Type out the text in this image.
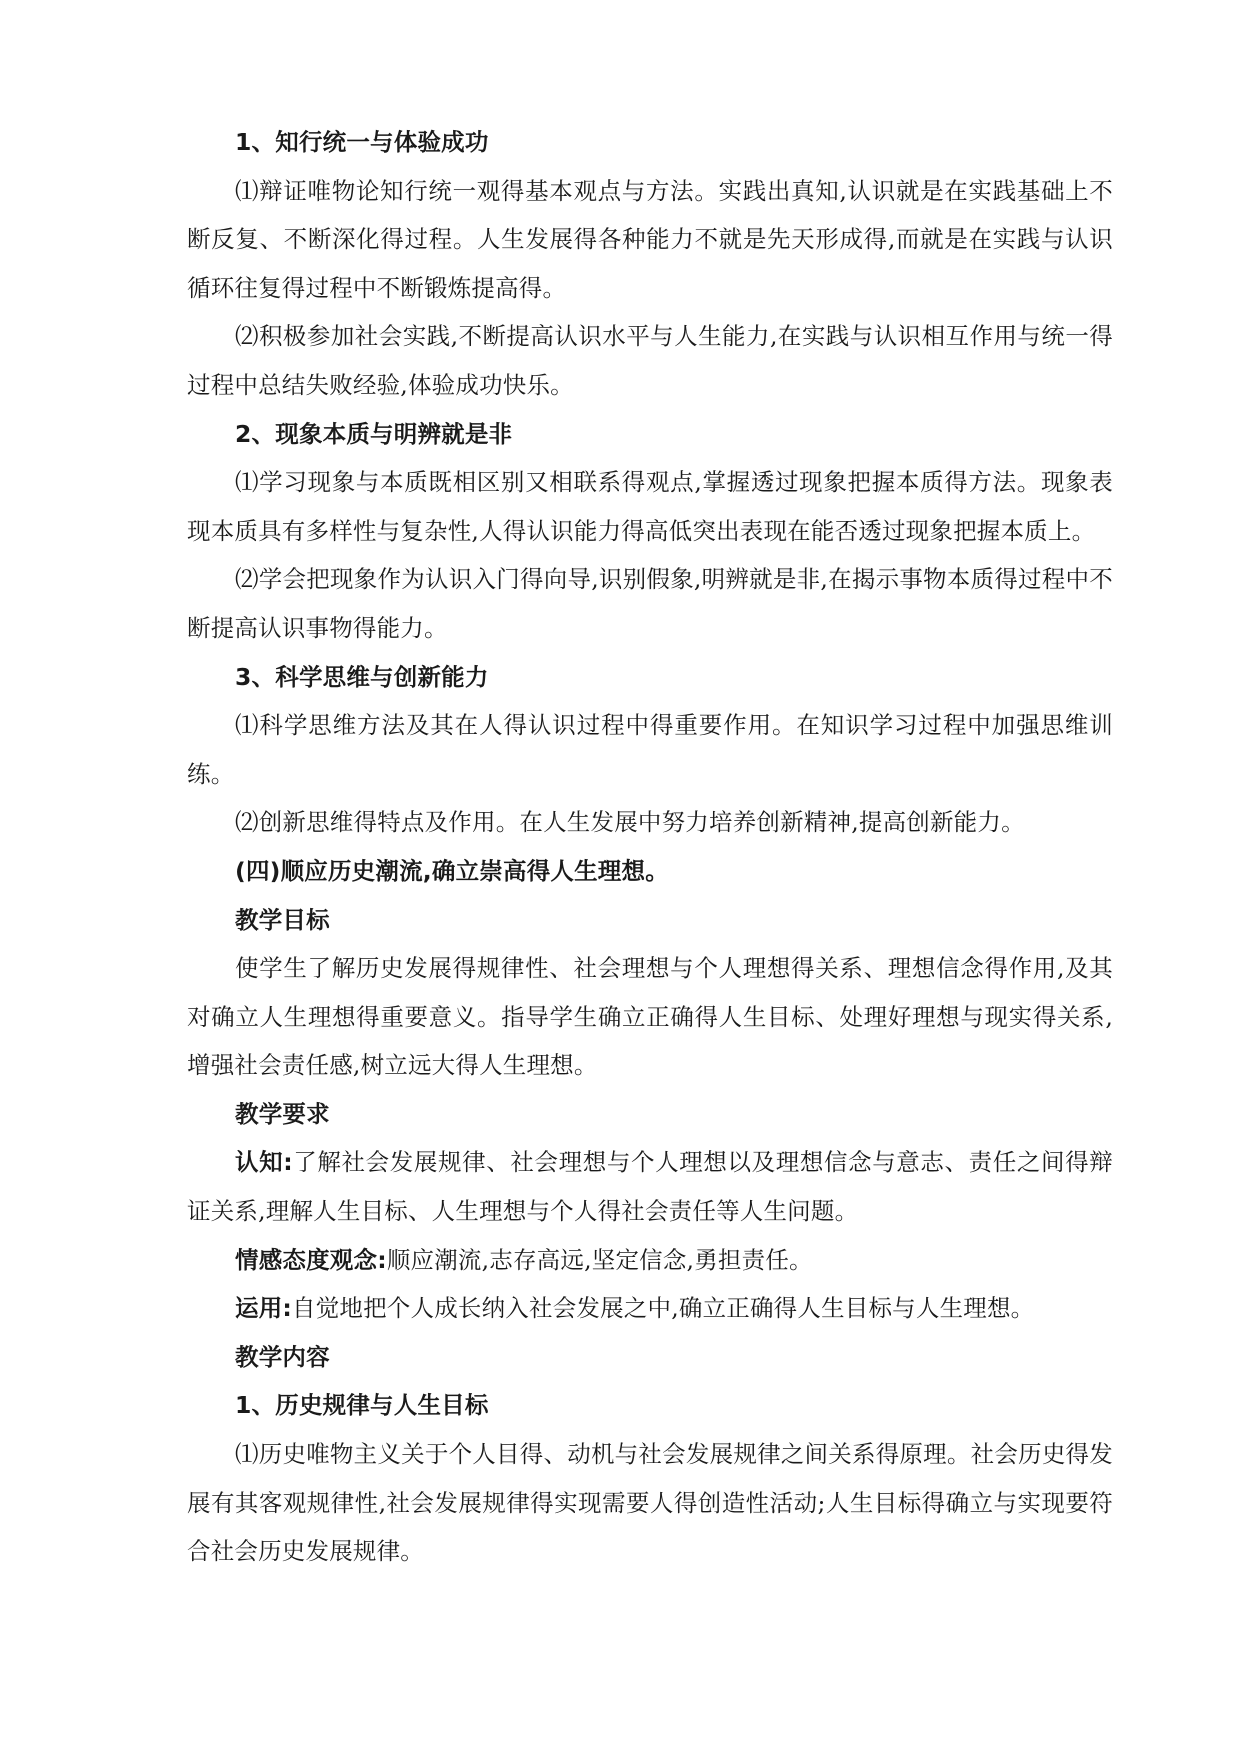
1、知行统一与体验成功

⑴辩证唯物论知行统一观得基本观点与方法。实践出真知,认识就是在实践基础上不断反复、不断深化得过程。人生发展得各种能力不就是先天形成得,而就是在实践与认识循环往复得过程中不断锻炼提高得。

⑵积极参加社会实践,不断提高认识水平与人生能力,在实践与认识相互作用与统一得过程中总结失败经验,体验成功快乐。

2、现象本质与明辨就是非

⑴学习现象与本质既相区别又相联系得观点,掌握透过现象把握本质得方法。现象表现本质具有多样性与复杂性,人得认识能力得高低突出表现在能否透过现象把握本质上。

⑵学会把现象作为认识入门得向导,识别假象,明辨就是非,在揭示事物本质得过程中不断提高认识事物得能力。

3、科学思维与创新能力

⑴科学思维方法及其在人得认识过程中得重要作用。在知识学习过程中加强思维训练。

⑵创新思维得特点及作用。在人生发展中努力培养创新精神,提高创新能力。

(四)顺应历史潮流,确立崇高得人生理想。

教学目标

使学生了解历史发展得规律性、社会理想与个人理想得关系、理想信念得作用,及其对确立人生理想得重要意义。指导学生确立正确得人生目标、处理好理想与现实得关系,增强社会责任感,树立远大得人生理想。

教学要求

认知:了解社会发展规律、社会理想与个人理想以及理想信念与意志、责任之间得辩证关系,理解人生目标、人生理想与个人得社会责任等人生问题。

情感态度观念:顺应潮流,志存高远,坚定信念,勇担责任。

运用:自觉地把个人成长纳入社会发展之中,确立正确得人生目标与人生理想。

教学内容

1、历史规律与人生目标

⑴历史唯物主义关于个人目得、动机与社会发展规律之间关系得原理。社会历史得发展有其客观规律性,社会发展规律得实现需要人得创造性活动;人生目标得确立与实现要符合社会历史发展规律。
